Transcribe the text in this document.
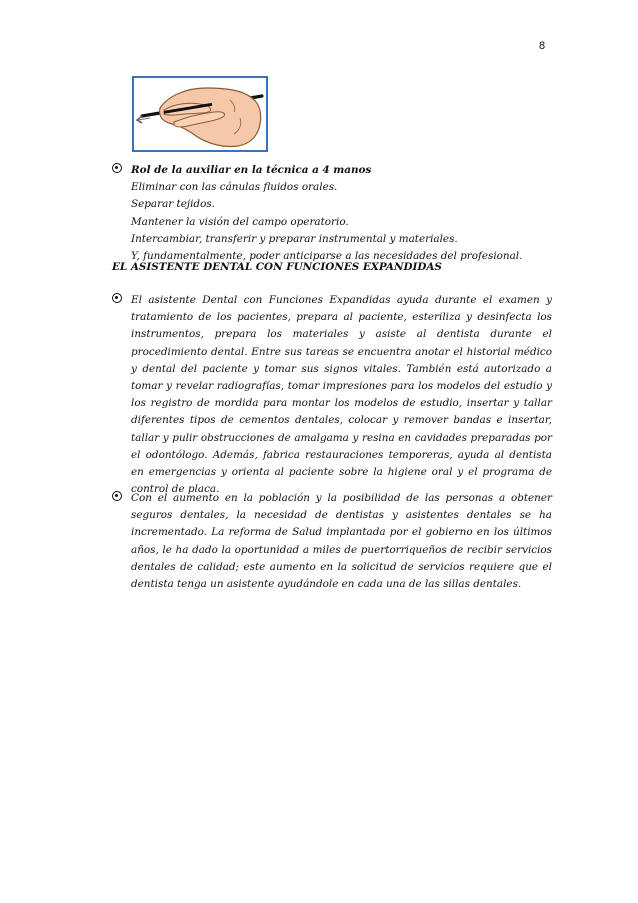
8
Rol de la auxiliar en la técnica a 4 manos
Eliminar con las cánulas fluidos orales.
Separar tejidos.
Mantener la visión del campo operatorio.
Intercambiar, transferir y preparar instrumental y materiales.
Y, fundamentalmente, poder anticiparse a las necesidades del profesional.
EL ASISTENTE DENTAL CON FUNCIONES EXPANDIDAS
El asistente Dental con Funciones Expandidas ayuda durante el examen y tratamiento de los pacientes, prepara al paciente, esteriliza y desinfecta los instrumentos, prepara los materiales y asiste al dentista durante el procedimiento dental. Entre sus tareas se encuentra anotar el historial médico y dental del paciente y tomar sus signos vitales. También está autorizado a tomar y revelar radiografías, tomar impresiones para los modelos del estudio y los registro de mordida para montar los modelos de estudio, insertar y tallar diferentes tipos de cementos dentales, colocar y remover bandas e insertar, tallar y pulir obstrucciones de amalgama y resina en cavidades preparadas por el odontólogo. Además, fabrica restauraciones temporeras, ayuda al dentista en emergencias y orienta al paciente sobre la higiene oral y el programa de control de placa.
Con el aumento en la población y la posibilidad de las personas a obtener seguros dentales, la necesidad de dentistas y asistentes dentales se ha incrementado. La reforma de Salud implantada por el gobierno en los últimos años, le ha dado la oportunidad a miles de puertorriqueños de recibir servicios dentales de calidad; este aumento en la solicitud de servicios requiere que el dentista tenga un asistente ayudándole en cada una de las sillas dentales.
